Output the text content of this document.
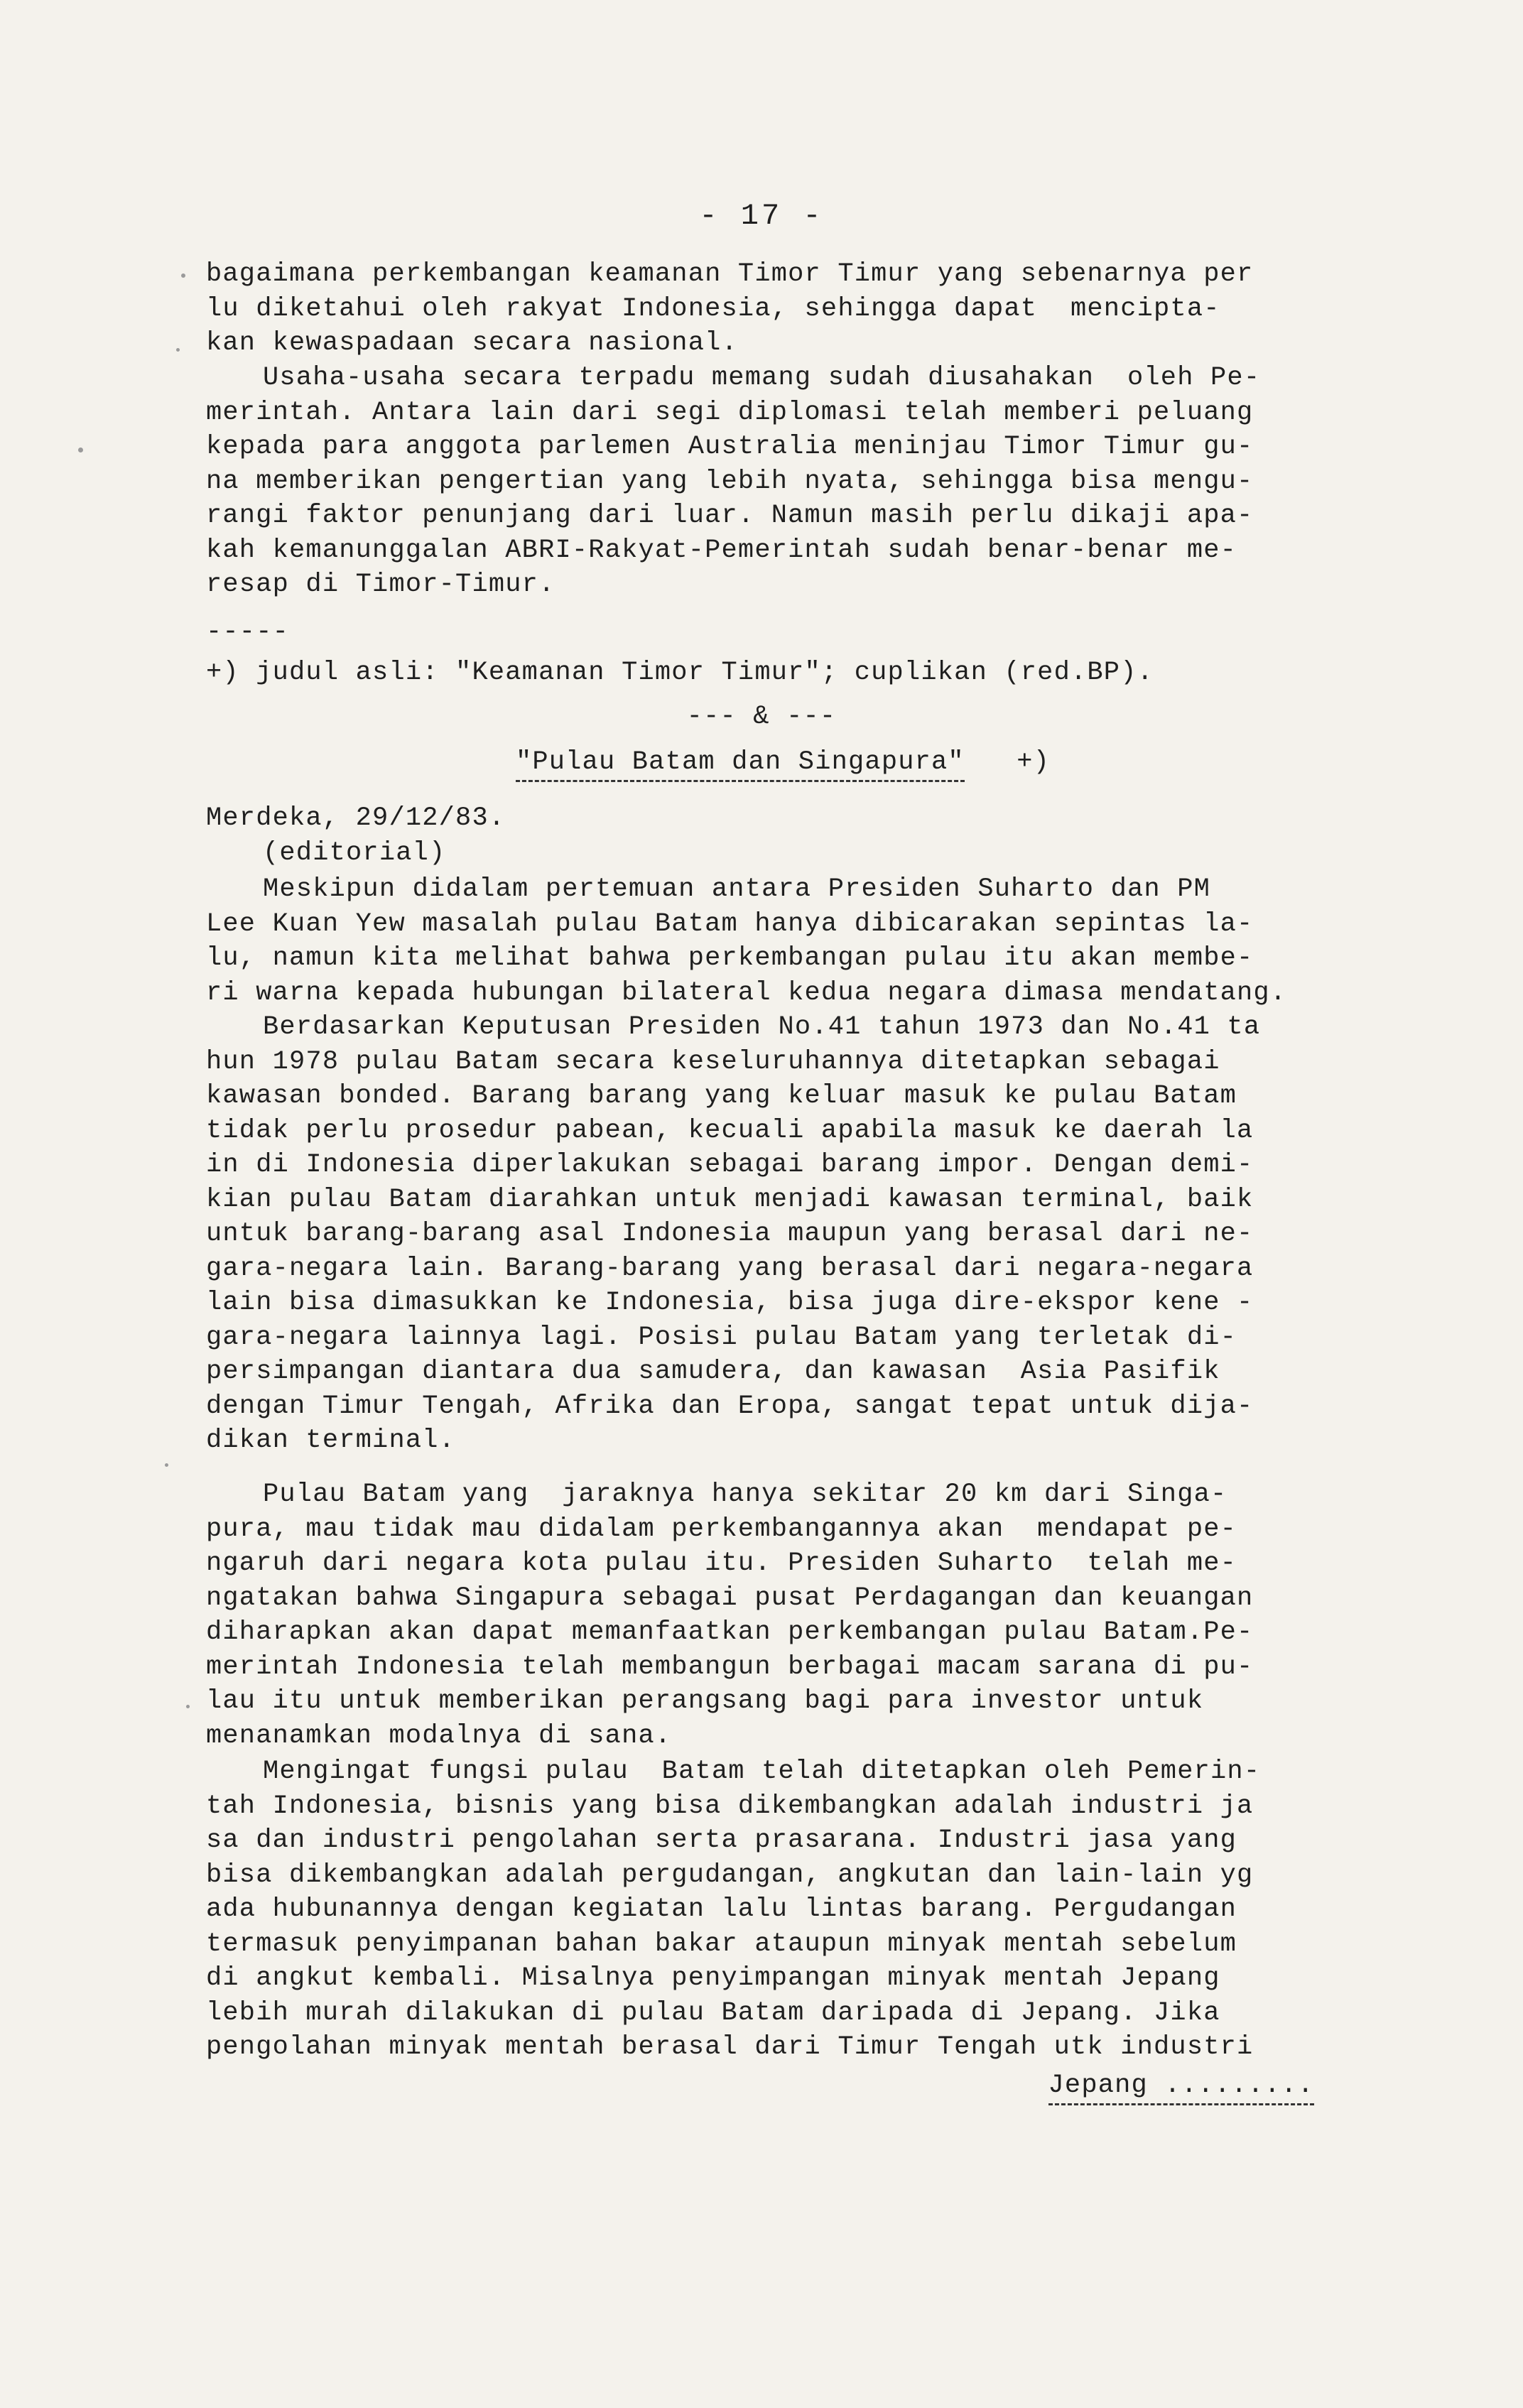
- 17 -
bagaimana perkembangan keamanan Timor Timur yang sebenarnya per
lu diketahui oleh rakyat Indonesia, sehingga dapat  mencipta-
kan kewaspadaan secara nasional.
Usaha-usaha secara terpadu memang sudah diusahakan  oleh Pe-
merintah. Antara lain dari segi diplomasi telah memberi peluang
kepada para anggota parlemen Australia meninjau Timor Timur gu-
na memberikan pengertian yang lebih nyata, sehingga bisa mengu-
rangi faktor penunjang dari luar. Namun masih perlu dikaji apa-
kah kemanunggalan ABRI-Rakyat-Pemerintah sudah benar-benar me-
resap di Timor-Timur.
-----
+) judul asli: "Keamanan Timor Timur"; cuplikan (red.BP).
--- & ---
"Pulau Batam dan Singapura" +)
Merdeka, 29/12/83.
(editorial)
Meskipun didalam pertemuan antara Presiden Suharto dan PM
Lee Kuan Yew masalah pulau Batam hanya dibicarakan sepintas la-
lu, namun kita melihat bahwa perkembangan pulau itu akan membe-
ri warna kepada hubungan bilateral kedua negara dimasa mendatang.
Berdasarkan Keputusan Presiden No.41 tahun 1973 dan No.41 ta
hun 1978 pulau Batam secara keseluruhannya ditetapkan sebagai
kawasan bonded. Barang barang yang keluar masuk ke pulau Batam
tidak perlu prosedur pabean, kecuali apabila masuk ke daerah la
in di Indonesia diperlakukan sebagai barang impor. Dengan demi-
kian pulau Batam diarahkan untuk menjadi kawasan terminal, baik
untuk barang-barang asal Indonesia maupun yang berasal dari ne-
gara-negara lain. Barang-barang yang berasal dari negara-negara
lain bisa dimasukkan ke Indonesia, bisa juga dire-ekspor kene -
gara-negara lainnya lagi. Posisi pulau Batam yang terletak di-
persimpangan diantara dua samudera, dan kawasan  Asia Pasifik
dengan Timur Tengah, Afrika dan Eropa, sangat tepat untuk dija-
dikan terminal.
Pulau Batam yang  jaraknya hanya sekitar 20 km dari Singa-
pura, mau tidak mau didalam perkembangannya akan  mendapat pe-
ngaruh dari negara kota pulau itu. Presiden Suharto  telah me-
ngatakan bahwa Singapura sebagai pusat Perdagangan dan keuangan
diharapkan akan dapat memanfaatkan perkembangan pulau Batam.Pe-
merintah Indonesia telah membangun berbagai macam sarana di pu-
lau itu untuk memberikan perangsang bagi para investor untuk
menanamkan modalnya di sana.
Mengingat fungsi pulau  Batam telah ditetapkan oleh Pemerin-
tah Indonesia, bisnis yang bisa dikembangkan adalah industri ja
sa dan industri pengolahan serta prasarana. Industri jasa yang
bisa dikembangkan adalah pergudangan, angkutan dan lain-lain yg
ada hubunannya dengan kegiatan lalu lintas barang. Pergudangan
termasuk penyimpanan bahan bakar ataupun minyak mentah sebelum
di angkut kembali. Misalnya penyimpangan minyak mentah Jepang
lebih murah dilakukan di pulau Batam daripada di Jepang. Jika
pengolahan minyak mentah berasal dari Timur Tengah utk industri
Jepang .........
